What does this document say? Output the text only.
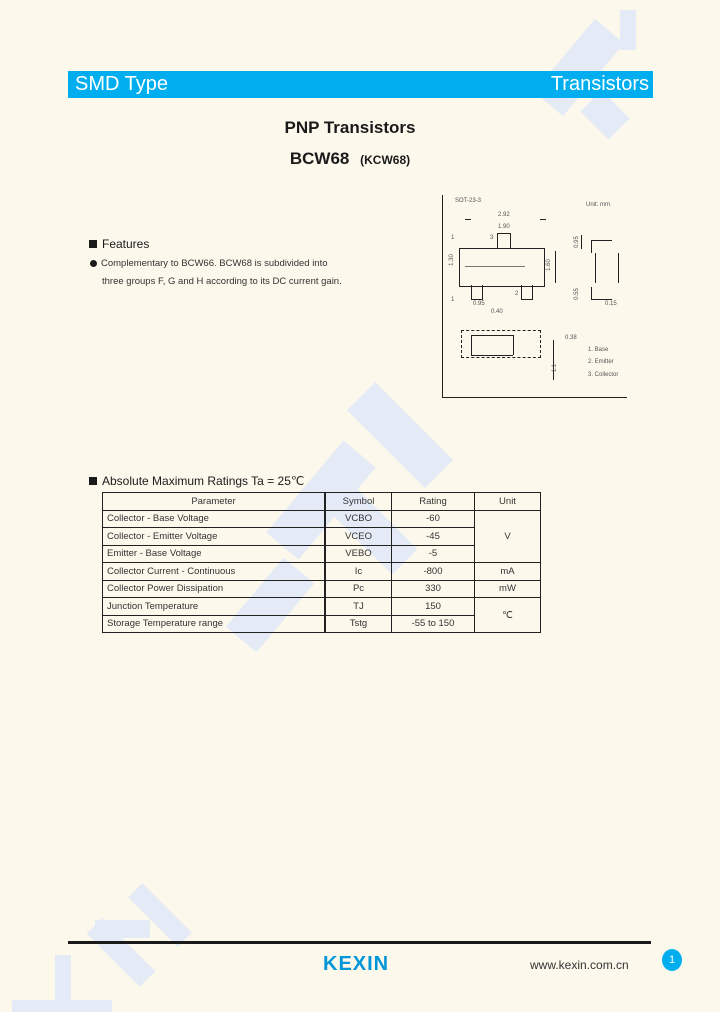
SMD Type	Transistors
PNP Transistors
BCW68 (KCW68)
Features
Complementary to BCW66. BCW68 is subdivided into
three groups F, G and H according to its DC current gain.
SOT-23-3
Unit: mm
2.92
1.90
3
1
1.30	1.60
2
1
0.95
0.40
0.95
0.55
0.15
1.1
0.38
1. Base
2. Emitter
3. Collector
Absolute Maximum Ratings Ta = 25℃
Parameter	Symbol	Rating	Unit
Collector - Base Voltage	VCBO	-60	V
Collector - Emitter Voltage	VCEO	-45	
Emitter - Base Voltage	VEBO	-5	
Collector Current - Continuous	Ic	-800	mA
Collector Power Dissipation	Pc	330	mW
Junction Temperature	TJ	150	℃
Storage Temperature range	Tstg	-55 to 150	
KEXIN	www.kexin.com.cn	1
